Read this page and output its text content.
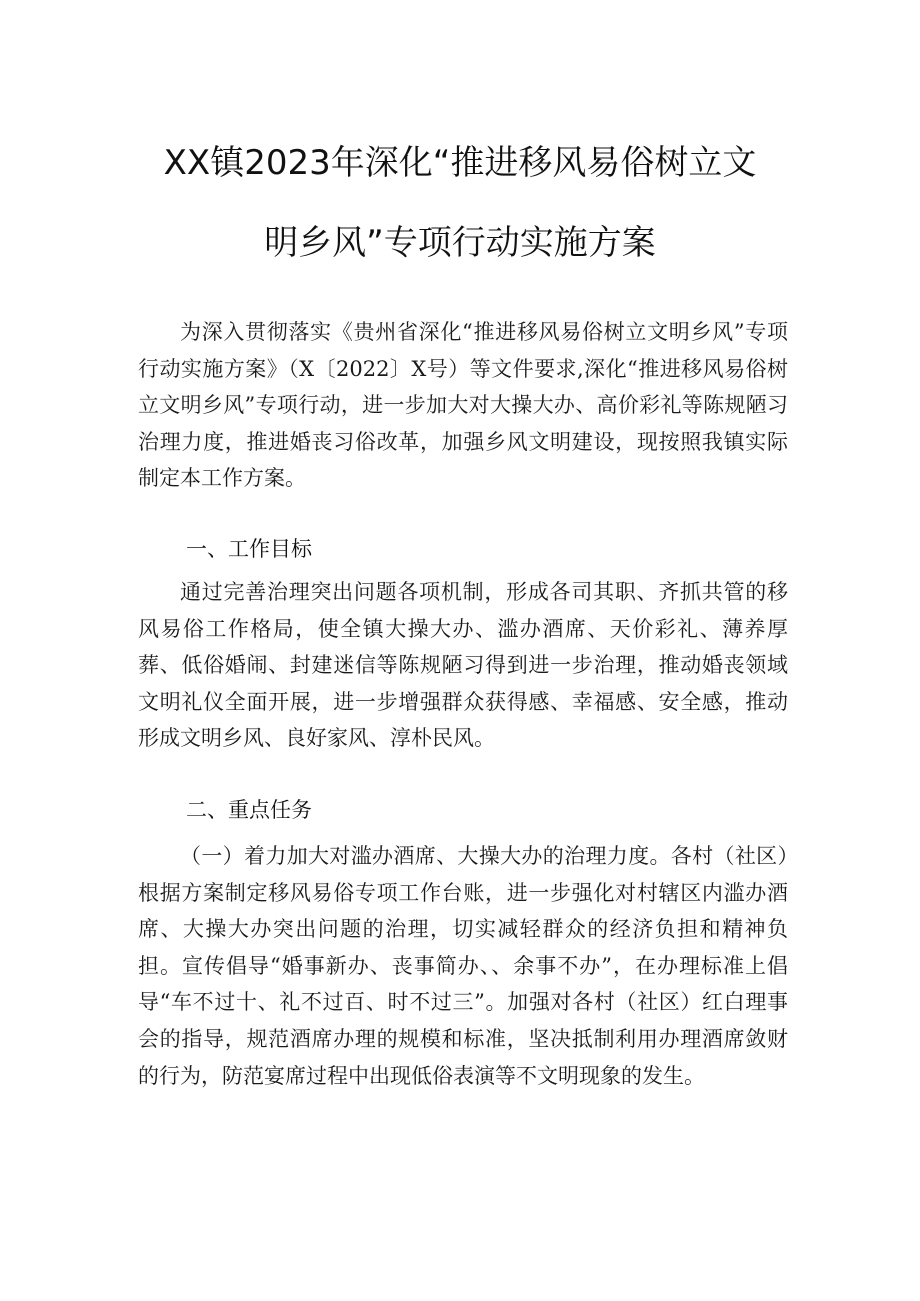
XX镇2023年深化“推进移风易俗树立文
明乡风”专项行动实施方案

为深入贯彻落实《贵州省深化“推进移风易俗树立文明乡风”专项行动实施方案》（X〔2022〕X号）等文件要求,深化“推进移风易俗树立文明乡风”专项行动，进一步加大对大操大办、高价彩礼等陈规陋习治理力度，推进婚丧习俗改革，加强乡风文明建设，现按照我镇实际制定本工作方案。

一、工作目标

通过完善治理突出问题各项机制，形成各司其职、齐抓共管的移风易俗工作格局，使全镇大操大办、滥办酒席、天价彩礼、薄养厚葬、低俗婚闹、封建迷信等陈规陋习得到进一步治理，推动婚丧领域文明礼仪全面开展，进一步增强群众获得感、幸福感、安全感，推动形成文明乡风、良好家风、淳朴民风。

二、重点任务

（一）着力加大对滥办酒席、大操大办的治理力度。各村（社区）根据方案制定移风易俗专项工作台账，进一步强化对村辖区内滥办酒席、大操大办突出问题的治理，切实减轻群众的经济负担和精神负担。宣传倡导“婚事新办、丧事简办、、余事不办”，在办理标准上倡导“车不过十、礼不过百、时不过三”。加强对各村（社区）红白理事会的指导，规范酒席办理的规模和标准，坚决抵制利用办理酒席敛财的行为，防范宴席过程中出现低俗表演等不文明现象的发生。
